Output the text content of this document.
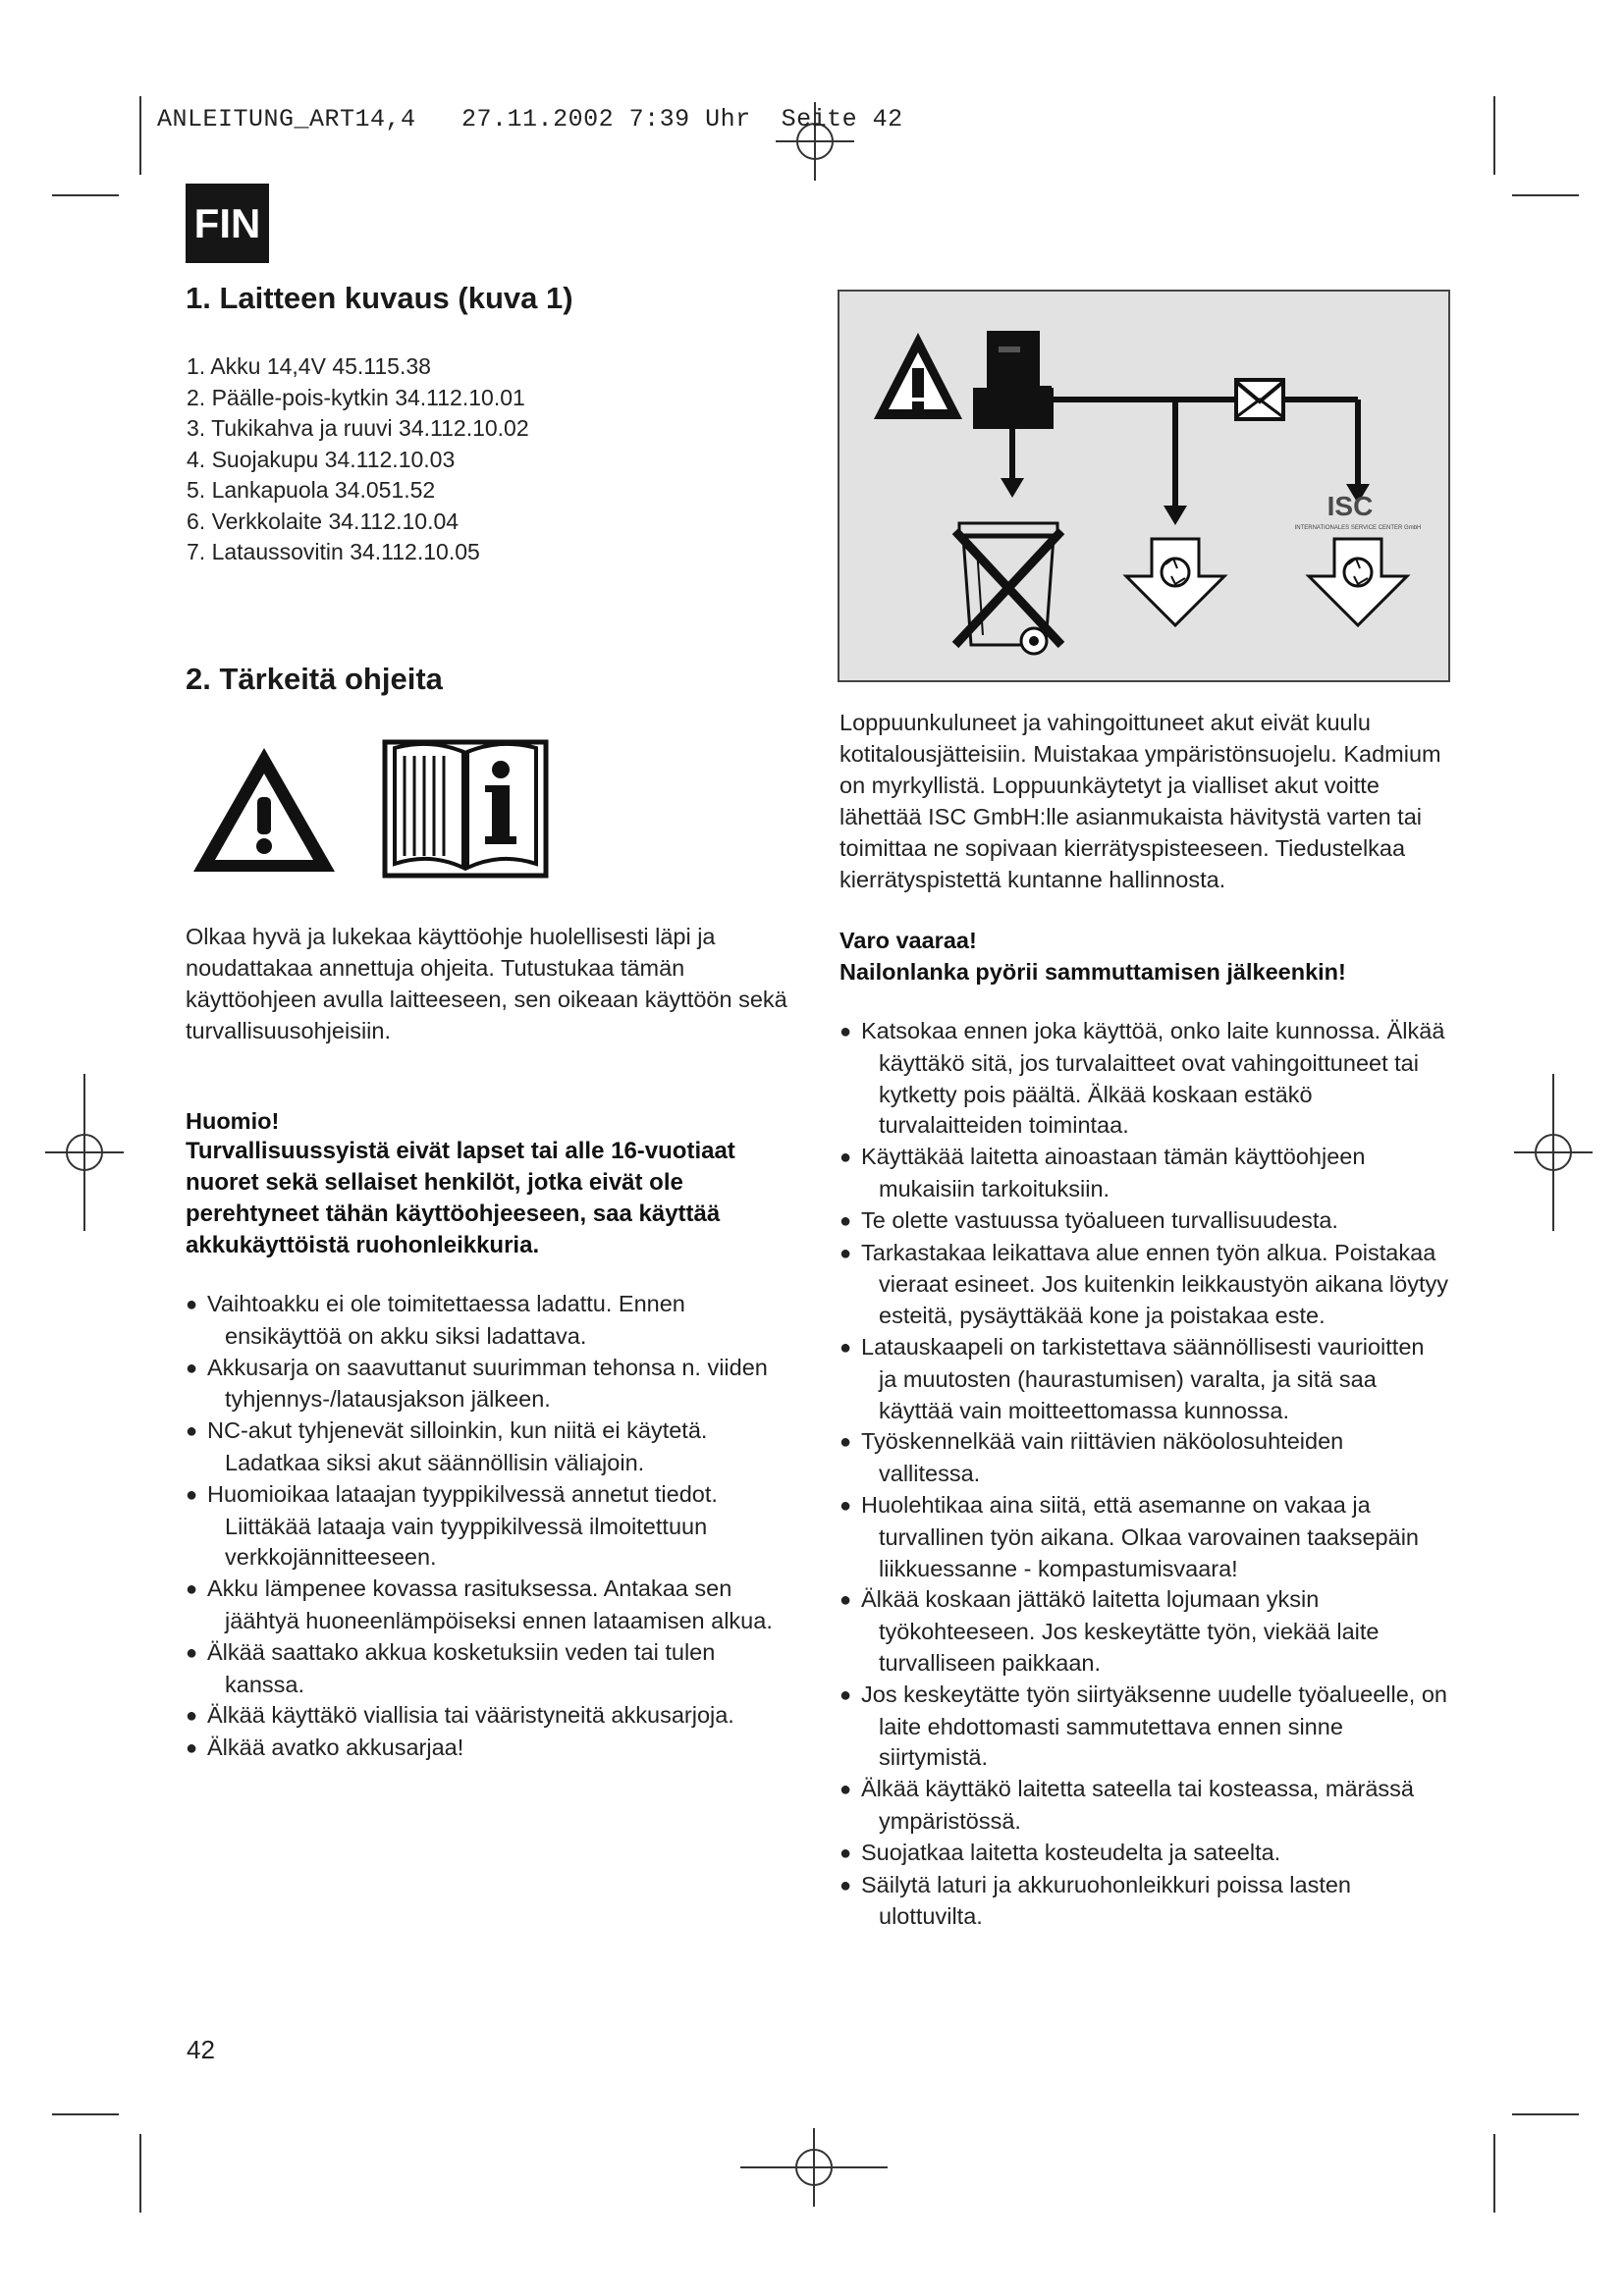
ANLEITUNG_ART14,4   27.11.2002 7:39 Uhr  Seite 42
FIN
1. Laitteen kuvaus (kuva 1)
1. Akku 14,4V 45.115.38
2. Päälle-pois-kytkin 34.112.10.01
3. Tukikahva ja ruuvi 34.112.10.02
4. Suojakupu 34.112.10.03
5. Lankapuola 34.051.52
6. Verkkolaite 34.112.10.04
7. Lataussovitin 34.112.10.05
2. Tärkeitä ohjeita

Olkaa hyvä ja lukekaa käyttöohje huolellisesti läpi ja noudattakaa annettuja ohjeita. Tutustukaa tämän käyttöohjeen avulla laitteeseen, sen oikeaan käyttöön sekä turvallisuusohjeisiin.

Huomio!

Turvallisuussyistä eivät lapset tai alle 16-vuotiaat nuoret sekä sellaiset henkilöt, jotka eivät ole perehtyneet tähän käyttöohjeeseen, saa käyttää akkukäyttöistä ruohonleikkuria.

● Vaihtoakku ei ole toimitettaessa ladattu. Ennen ensikäyttöä on akku siksi ladattava.
● Akkusarja on saavuttanut suurimman tehonsa n. viiden tyhjennys-/latausjakson jälkeen.
● NC-akut tyhjenevät silloinkin, kun niitä ei käytetä. Ladatkaa siksi akut säännöllisin väliajoin.
● Huomioikaa lataajan tyyppikilvessä annetut tiedot. Liittäkää lataaja vain tyyppikilvessä ilmoitettuun verkkojännitteeseen.
● Akku lämpenee kovassa rasituksessa. Antakaa sen jäähtyä huoneenlämpöiseksi ennen lataamisen alkua.
● Älkää saattako akkua kosketuksiin veden tai tulen kanssa.
● Älkää käyttäkö viallisia tai vääristyneitä akkusarjoja.
● Älkää avatko akkusarjaa!
ISC
INTERNATIONALES SERVICE CENTER GmbH

Loppuunkuluneet ja vahingoittuneet akut eivät kuulu kotitalousjätteisiin. Muistakaa ympäristönsuojelu. Kadmium on myrkyllistä. Loppuunkäytetyt ja vialliset akut voitte lähettää ISC GmbH:lle asianmukaista hävitystä varten tai toimittaa ne sopivaan kierrätyspisteeseen. Tiedustelkaa kierrätyspistettä kuntanne hallinnosta.

Varo vaaraa!

Nailonlanka pyörii sammuttamisen jälkeenkin!

● Katsokaa ennen joka käyttöä, onko laite kunnossa. Älkää käyttäkö sitä, jos turvalaitteet ovat vahingoittuneet tai kytketty pois päältä. Älkää koskaan estäkö turvalaitteiden toimintaa.
● Käyttäkää laitetta ainoastaan tämän käyttöohjeen mukaisiin tarkoituksiin.
● Te olette vastuussa työalueen turvallisuudesta.
● Tarkastakaa leikattava alue ennen työn alkua. Poistakaa vieraat esineet. Jos kuitenkin leikkaustyön aikana löytyy esteitä, pysäyttäkää kone ja poistakaa este.
● Latauskaapeli on tarkistettava säännöllisesti vaurioitten ja muutosten (haurastumisen) varalta, ja sitä saa käyttää vain moitteettomassa kunnossa.
● Työskennelkää vain riittävien näköolosuhteiden vallitessa.
● Huolehtikaa aina siitä, että asemanne on vakaa ja turvallinen työn aikana. Olkaa varovainen taaksepäin liikkuessanne - kompastumisvaara!
● Älkää koskaan jättäkö laitetta lojumaan yksin työkohteeseen. Jos keskeytätte työn, viekää laite turvalliseen paikkaan.
● Jos keskeytätte työn siirtyäksenne uudelle työalueelle, on laite ehdottomasti sammutettava ennen sinne siirtymistä.
● Älkää käyttäkö laitetta sateella tai kosteassa, märässä ympäristössä.
● Suojatkaa laitetta kosteudelta ja sateelta.
● Säilytä laturi ja akkuruohonleikkuri poissa lasten ulottuvilta.
42
